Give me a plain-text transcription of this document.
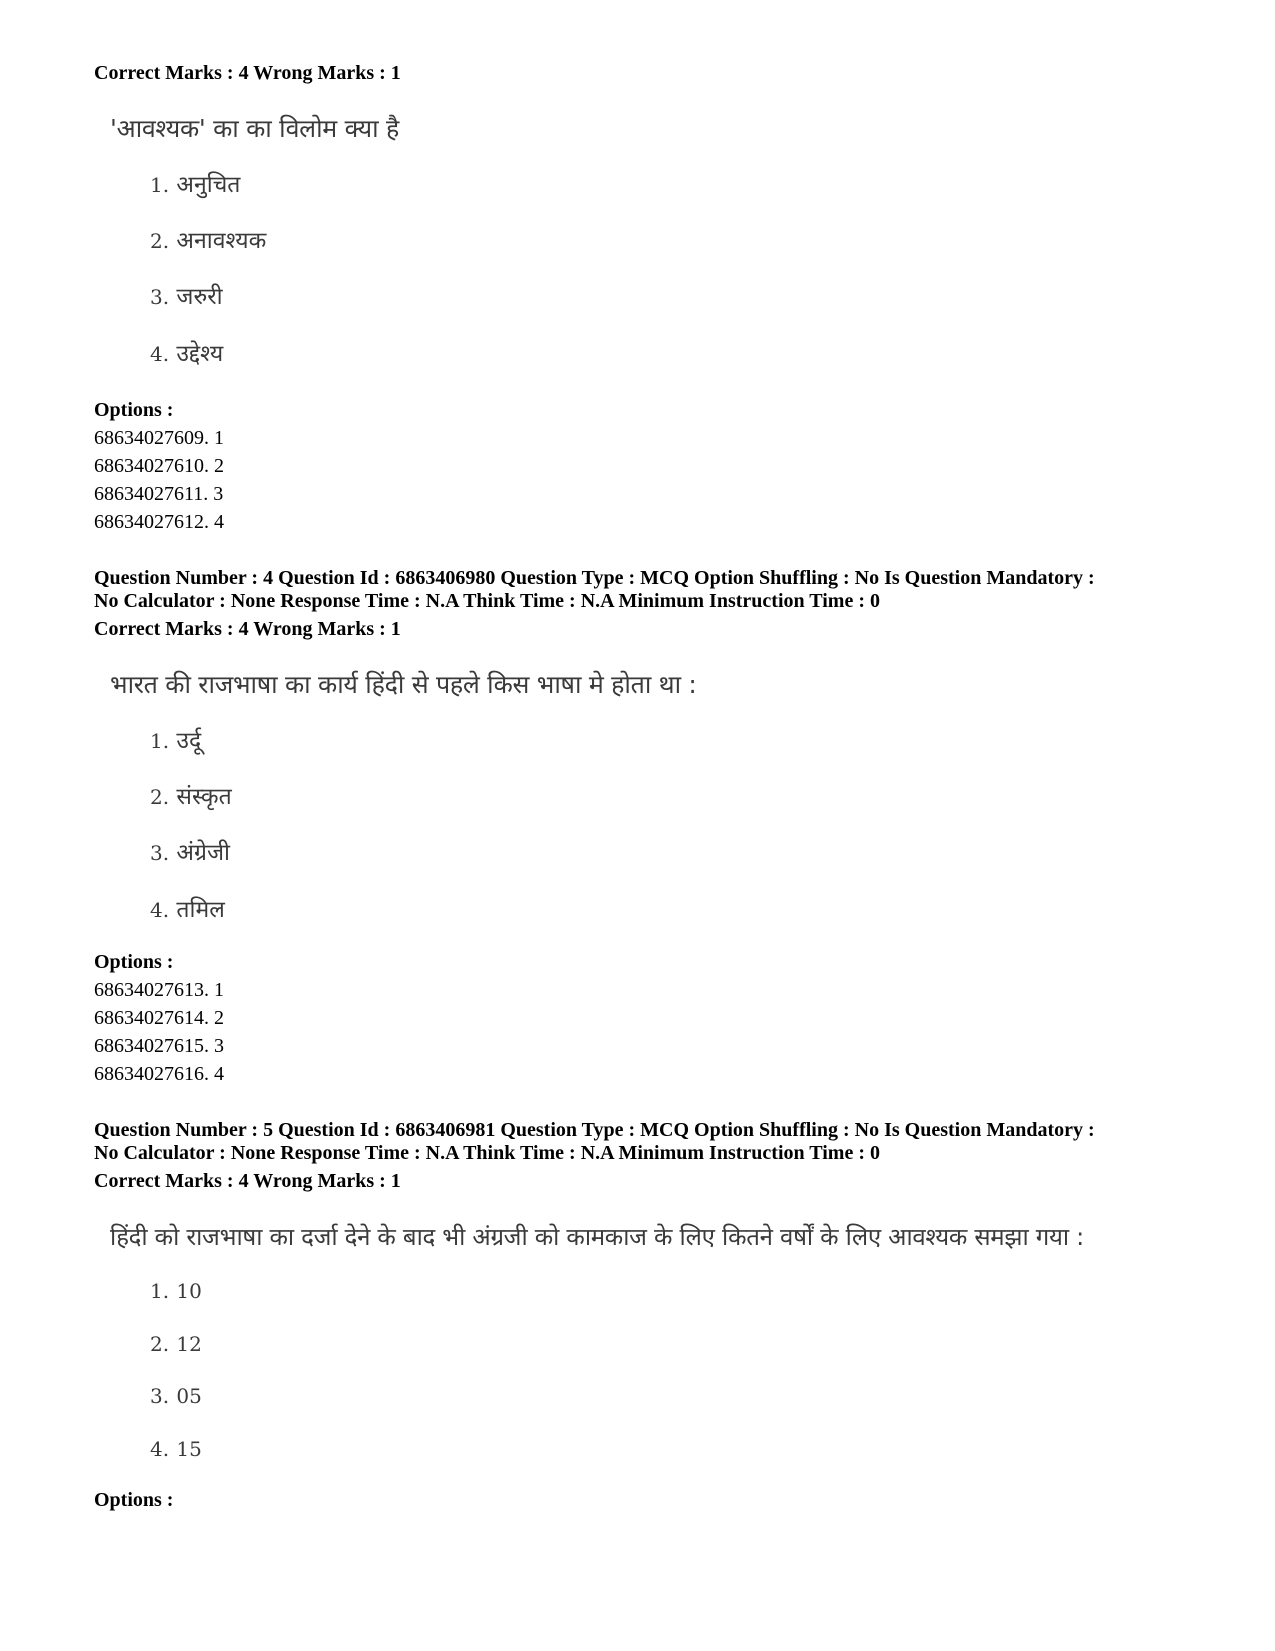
Correct Marks : 4 Wrong Marks : 1
'आवश्यक' का का विलोम क्या है
1. अनुचित
2. अनावश्यक
3. जरुरी
4. उद्देश्य
Options :
68634027609. 1
68634027610. 2
68634027611. 3
68634027612. 4
Question Number : 4 Question Id : 6863406980 Question Type : MCQ Option Shuffling : No Is Question Mandatory :
No Calculator : None Response Time : N.A Think Time : N.A Minimum Instruction Time : 0
Correct Marks : 4 Wrong Marks : 1
भारत की राजभाषा का कार्य हिंदी से पहले किस भाषा मे होता था :
1. उर्दू
2. संस्कृत
3. अंग्रेजी
4. तमिल
Options :
68634027613. 1
68634027614. 2
68634027615. 3
68634027616. 4
Question Number : 5 Question Id : 6863406981 Question Type : MCQ Option Shuffling : No Is Question Mandatory :
No Calculator : None Response Time : N.A Think Time : N.A Minimum Instruction Time : 0
Correct Marks : 4 Wrong Marks : 1
हिंदी को राजभाषा का दर्जा देने के बाद भी अंग्रजी को कामकाज के लिए कितने वर्षों के लिए आवश्यक समझा गया :
1. 10
2. 12
3. 05
4. 15
Options :
